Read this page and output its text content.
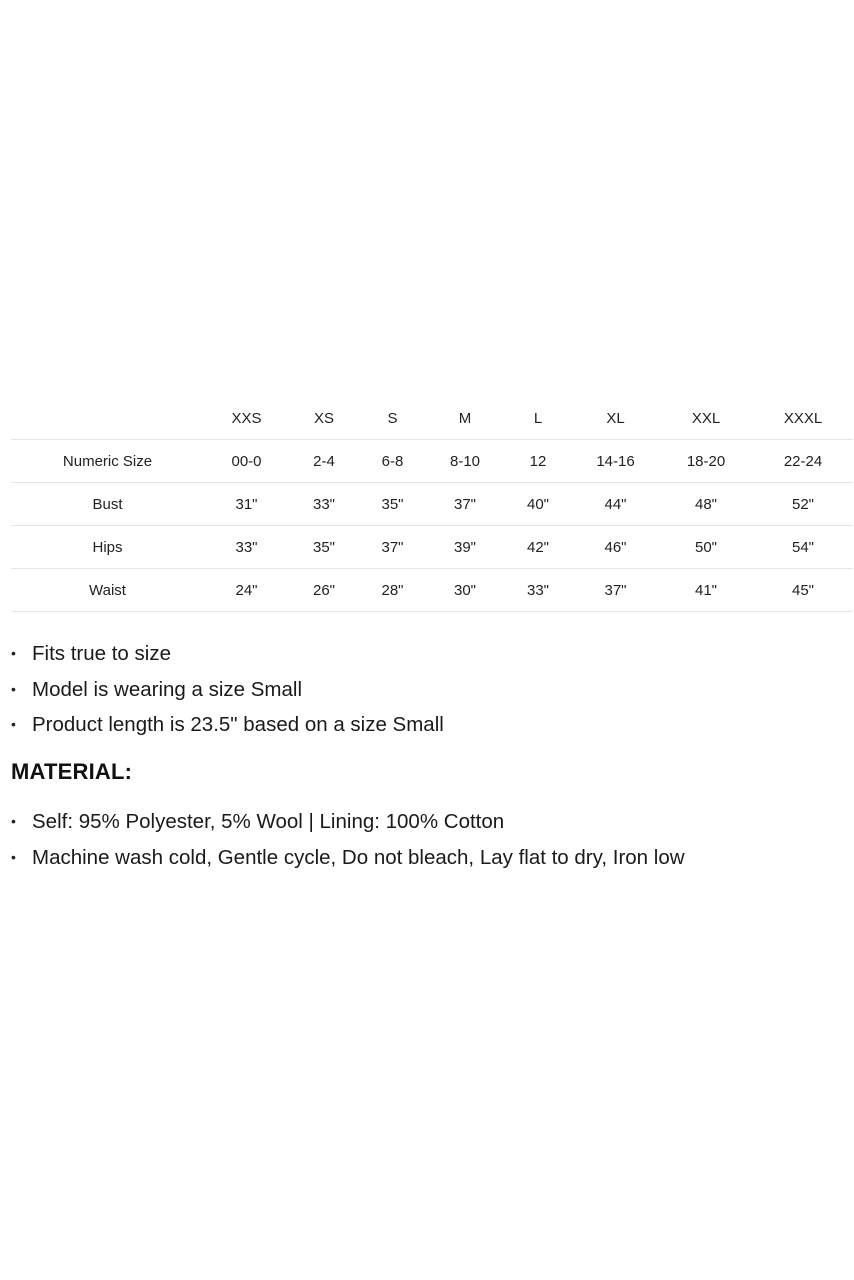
	XXS	XS	S	M	L	XL	XXL	XXXL
Numeric Size	00-0	2-4	6-8	8-10	12	14-16	18-20	22-24
Bust	31"	33"	35"	37"	40"	44"	48"	52"
Hips	33"	35"	37"	39"	42"	46"	50"	54"
Waist	24"	26"	28"	30"	33"	37"	41"	45"
• Fits true to size
• Model is wearing a size Small
• Product length is 23.5" based on a size Small
MATERIAL:
• Self: 95% Polyester, 5% Wool | Lining: 100% Cotton
• Machine wash cold, Gentle cycle, Do not bleach, Lay flat to dry, Iron low
